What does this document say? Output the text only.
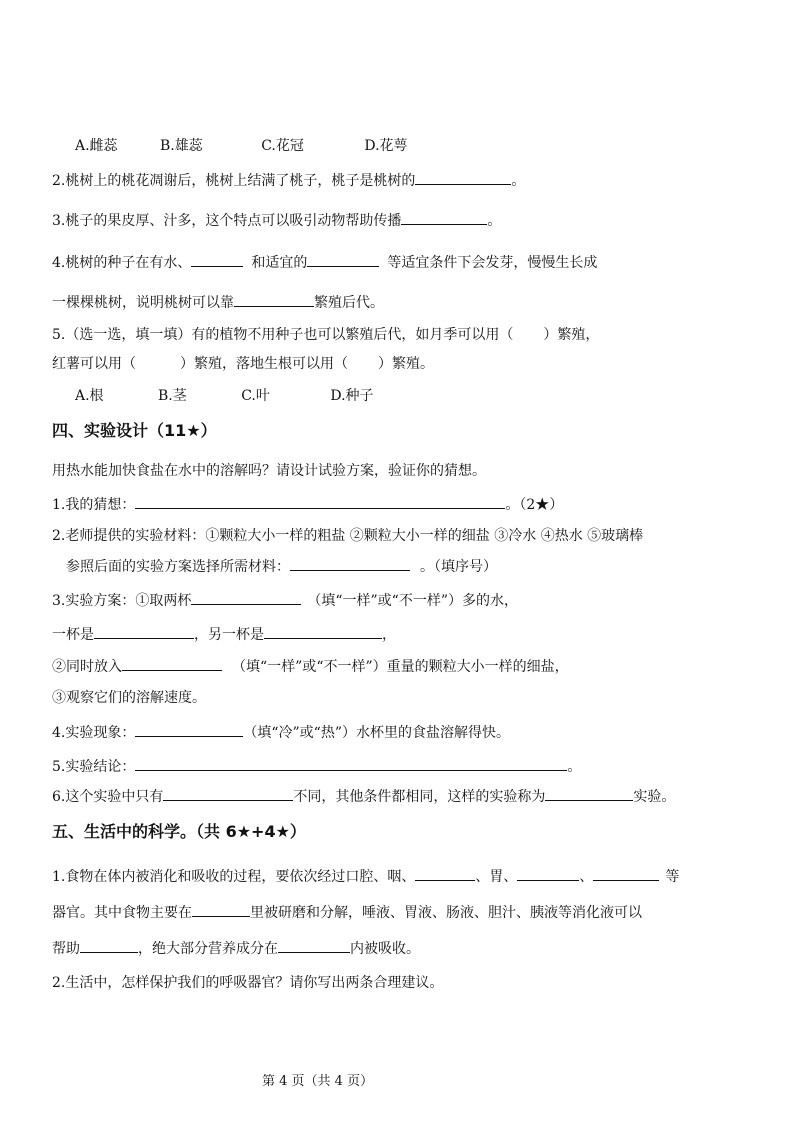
A.雌蕊	B.雄蕊	C.花冠	D.花萼
2.桃树上的桃花凋谢后，桃树上结满了桃子，桃子是桃树的	。
3.桃子的果皮厚、汁多，这个特点可以吸引动物帮助传播	。
4.桃树的种子在有水、	和适宜的	等适宜条件下会发芽，慢慢生长成
一棵棵桃树，说明桃树可以靠	繁殖后代。
5.（选一选，填一填）有的植物不用种子也可以繁殖后代，如月季可以用（ ）繁殖，
红薯可以用（	）繁殖，落地生根可以用（ ）繁殖。
A.根	B.茎	C.叶	D.种子
四、实验设计（11★）
用热水能加快食盐在水中的溶解吗？请设计试验方案，验证你的猜想。
1.我的猜想：	。（2★）
2.老师提供的实验材料：①颗粒大小一样的粗盐 ②颗粒大小一样的细盐 ③冷水 ④热水 ⑤玻璃棒
参照后面的实验方案选择所需材料：	。（填序号）
3.实验方案：①取两杯	（填“一样”或“不一样”）多的水，
一杯是	，另一杯是	，
②同时放入	（填“一样”或“不一样”）重量的颗粒大小一样的细盐，
③观察它们的溶解速度。
4.实验现象：	（填“冷”或“热”）水杯里的食盐溶解得快。
5.实验结论：	。
6.这个实验中只有	不同，其他条件都相同，这样的实验称为	实验。
五、生活中的科学。（共 6★+4★）
1.食物在体内被消化和吸收的过程，要依次经过口腔、咽、	、胃、	、	等
器官。其中食物主要在	里被研磨和分解，唾液、胃液、肠液、胆汁、胰液等消化液可以
帮助	，绝大部分营养成分在	内被吸收。
2.生活中，怎样保护我们的呼吸器官？请你写出两条合理建议。
第 4 页（共 4 页）
